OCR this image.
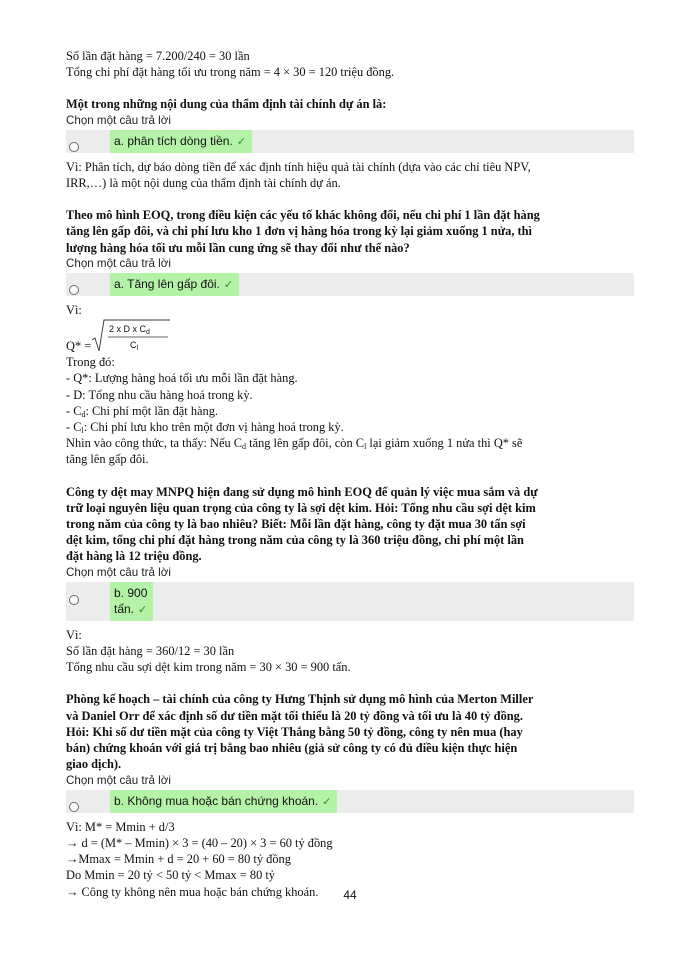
Số lần đặt hàng = 7.200/240 = 30 lần
Tổng chi phí đặt hàng tối ưu trong năm = 4 × 30 = 120 triệu đồng.
Một trong những nội dung của thẩm định tài chính dự án là:
Chọn một câu trả lời
a. phân tích dòng tiền. ✓
Vì: Phân tích, dự báo dòng tiền để xác định tính hiệu quả tài chính (dựa vào các chỉ tiêu NPV,
IRR,…) là một nội dung của thẩm định tài chính dự án.
Theo mô hình EOQ, trong điều kiện các yếu tố khác không đổi, nếu chi phí 1 lần đặt hàng
tăng lên gấp đôi, và chi phí lưu kho 1 đơn vị hàng hóa trong kỳ lại giảm xuống 1 nửa, thì
lượng hàng hóa tối ưu mỗi lần cung ứng sẽ thay đổi như thế nào?
Chọn một câu trả lời
a. Tăng lên gấp đôi. ✓
Vì:
Q* =
2 x D x $C_d$
$C_l$
Trong đó:
- Q*: Lượng hàng hoá tối ưu mỗi lần đặt hàng.
- D: Tổng nhu cầu hàng hoá trong kỳ.
- $C_d$: Chi phí một lần đặt hàng.
- $C_l$: Chi phí lưu kho trên một đơn vị hàng hoá trong kỳ.
Nhìn vào công thức, ta thấy: Nếu $C_d$ tăng lên gấp đôi, còn $C_l$ lại giảm xuống 1 nửa thì Q* sẽ
tăng lên gấp đôi.
Công ty dệt may MNPQ hiện đang sử dụng mô hình EOQ để quản lý việc mua sắm và dự
trữ loại nguyên liệu quan trọng của công ty là sợi dệt kim. Hỏi: Tổng nhu cầu sợi dệt kim
trong năm của công ty là bao nhiêu? Biết: Mỗi lần đặt hàng, công ty đặt mua 30 tấn sợi
dệt kim, tổng chi phí đặt hàng trong năm của công ty là 360 triệu đồng, chi phí một lần
đặt hàng là 12 triệu đồng.
Chọn một câu trả lời
b. 900
tấn. ✓
Vì:
Số lần đặt hàng = 360/12 = 30 lần
Tổng nhu cầu sợi dệt kim trong năm = 30 × 30 = 900 tấn.
Phòng kế hoạch – tài chính của công ty Hưng Thịnh sử dụng mô hình của Merton Miller
và Daniel Orr để xác định số dư tiền mặt tối thiểu là 20 tỷ đồng và tối ưu là 40 tỷ đồng.
Hỏi: Khi số dư tiền mặt của công ty Việt Thắng bằng 50 tỷ đồng, công ty nên mua (hay
bán) chứng khoán với giá trị bằng bao nhiêu (giả sử công ty có đủ điều kiện thực hiện
giao dịch).
Chọn một câu trả lời
b. Không mua hoặc bán chứng khoán. ✓
Vì: M* = Mmin + d/3
→ d = (M* – Mmin) × 3 = (40 – 20) × 3 = 60 tỷ đồng
→Mmax = Mmin + d = 20 + 60 = 80 tỷ đồng
Do Mmin = 20 tỷ < 50 tỷ < Mmax = 80 tỷ
→ Công ty không nên mua hoặc bán chứng khoán.	44
